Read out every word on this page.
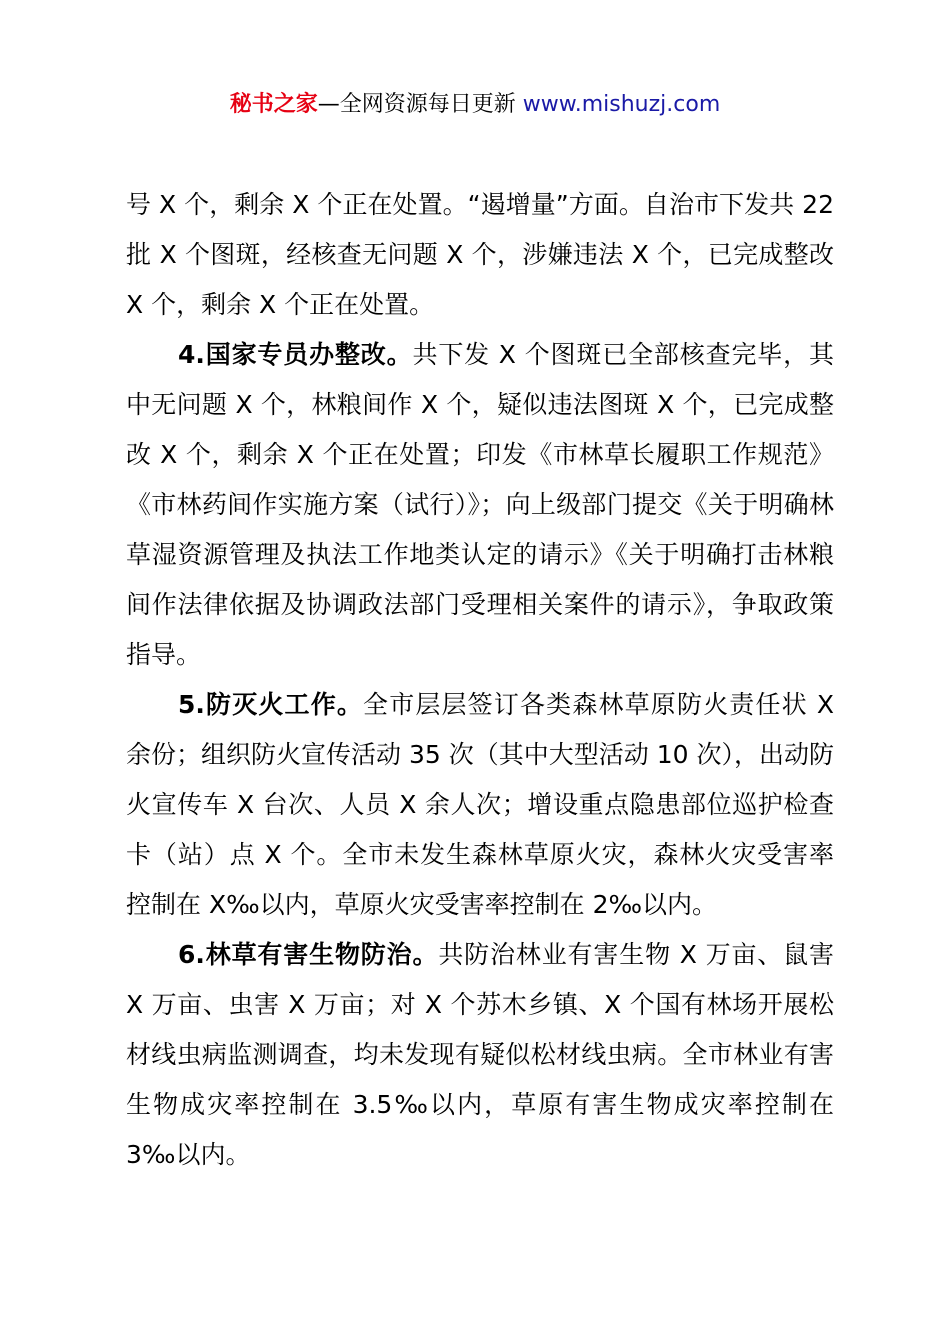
秘书之家—全网资源每日更新 www.mishuzj.com

号 X 个，剩余 X 个正在处置。“遏增量”方面。自治市下发共 22 批 X 个图斑，经核查无问题 X 个，涉嫌违法 X 个，已完成整改 X 个，剩余 X 个正在处置。

4.国家专员办整改。共下发 X 个图斑已全部核查完毕，其中无问题 X 个，林粮间作 X 个，疑似违法图斑 X 个，已完成整改 X 个，剩余 X 个正在处置；印发《市林草长履职工作规范》《市林药间作实施方案（试行）》；向上级部门提交《关于明确林草湿资源管理及执法工作地类认定的请示》《关于明确打击林粮间作法律依据及协调政法部门受理相关案件的请示》，争取政策指导。

5.防灭火工作。全市层层签订各类森林草原防火责任状 X 余份；组织防火宣传活动 35 次（其中大型活动 10 次），出动防火宣传车 X 台次、人员 X 余人次；增设重点隐患部位巡护检查卡（站）点 X 个。全市未发生森林草原火灾，森林火灾受害率控制在 X‰以内，草原火灾受害率控制在 2‰以内。

6.林草有害生物防治。共防治林业有害生物 X 万亩、鼠害 X 万亩、虫害 X 万亩；对 X 个苏木乡镇、X 个国有林场开展松材线虫病监测调查，均未发现有疑似松材线虫病。全市林业有害生物成灾率控制在 3.5‰以内，草原有害生物成灾率控制在 3‰以内。
